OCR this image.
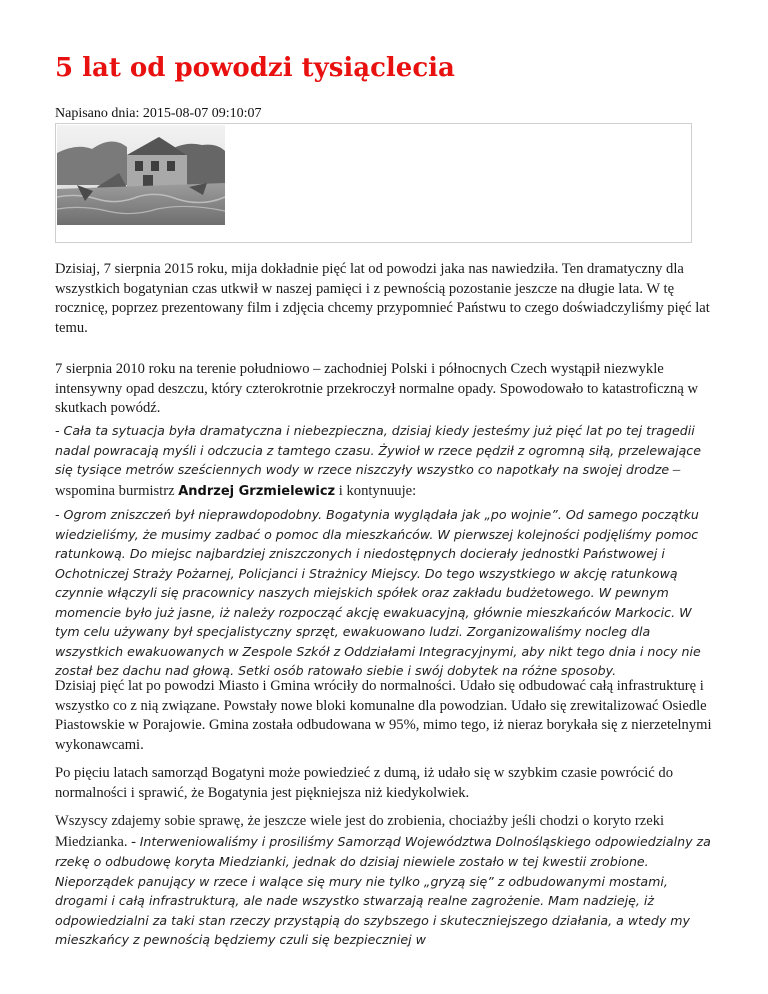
5 lat od powodzi tysiąclecia
Napisano dnia: 2015-08-07 09:10:07

Dzisiaj, 7 sierpnia 2015 roku, mija dokładnie pięć lat od powodzi jaka nas nawiedziła. Ten dramatyczny dla wszystkich bogatynian czas utkwił w naszej pamięci i z pewnością pozostanie jeszcze na długie lata. W tę rocznicę, poprzez prezentowany film i zdjęcia chcemy przypomnieć Państwu to czego doświadczyliśmy pięć lat temu.

7 sierpnia 2010 roku na terenie południowo – zachodniej Polski i północnych Czech wystąpił niezwykle intensywny opad deszczu, który czterokrotnie przekroczył normalne opady. Spowodowało to katastroficzną w skutkach powódź.

- Cała ta sytuacja była dramatyczna i niebezpieczna, dzisiaj kiedy jesteśmy już pięć lat po tej tragedii nadal powracają myśli i odczucia z tamtego czasu. Żywioł w rzece pędził z ogromną siłą, przelewające się tysiące metrów sześciennych wody w rzece niszczyły wszystko co napotkały na swojej drodze – wspomina burmistrz Andrzej Grzmielewicz i kontynuuje:

- Ogrom zniszczeń był nieprawdopodobny. Bogatynia wyglądała jak „po wojnie”. Od samego początku wiedzieliśmy, że musimy zadbać o pomoc dla mieszkańców. W pierwszej kolejności podjęliśmy pomoc ratunkową. Do miejsc najbardziej zniszczonych i niedostępnych docierały jednostki Państwowej i Ochotniczej Straży Pożarnej, Policjanci i Strażnicy Miejscy. Do tego wszystkiego w akcję ratunkową czynnie włączyli się pracownicy naszych miejskich spółek oraz zakładu budżetowego. W pewnym momencie było już jasne, iż należy rozpocząć akcję ewakuacyjną, głównie mieszkańców Markocic. W tym celu używany był specjalistyczny sprzęt, ewakuowano ludzi. Zorganizowaliśmy nocleg dla wszystkich ewakuowanych w Zespole Szkół z Oddziałami Integracyjnymi, aby nikt tego dnia i nocy nie został bez dachu nad głową. Setki osób ratowało siebie i swój dobytek na różne sposoby.

Dzisiaj pięć lat po powodzi Miasto i Gmina wróciły do normalności. Udało się odbudować całą infrastrukturę i wszystko co z nią związane. Powstały nowe bloki komunalne dla powodzian. Udało się zrewitalizować Osiedle Piastowskie w Porajowie. Gmina została odbudowana w 95%, mimo tego, iż nieraz borykała się z nierzetelnymi wykonawcami.

Po pięciu latach samorząd Bogatyni może powiedzieć z dumą, iż udało się w szybkim czasie powrócić do normalności i sprawić, że Bogatynia jest piękniejsza niż kiedykolwiek.

Wszyscy zdajemy sobie sprawę, że jeszcze wiele jest do zrobienia, chociażby jeśli chodzi o koryto rzeki Miedzianka. - Interweniowaliśmy i prosiliśmy Samorząd Województwa Dolnośląskiego odpowiedzialny za rzekę o odbudowę koryta Miedzianki, jednak do dzisiaj niewiele zostało w tej kwestii zrobione. Nieporządek panujący w rzece i walące się mury nie tylko „gryzą się” z odbudowanymi mostami, drogami i całą infrastrukturą, ale nade wszystko stwarzają realne zagrożenie. Mam nadzieję, iż odpowiedzialni za taki stan rzeczy przystąpią do szybszego i skuteczniejszego działania, a wtedy my mieszkańcy z pewnością będziemy czuli się bezpieczniej w
